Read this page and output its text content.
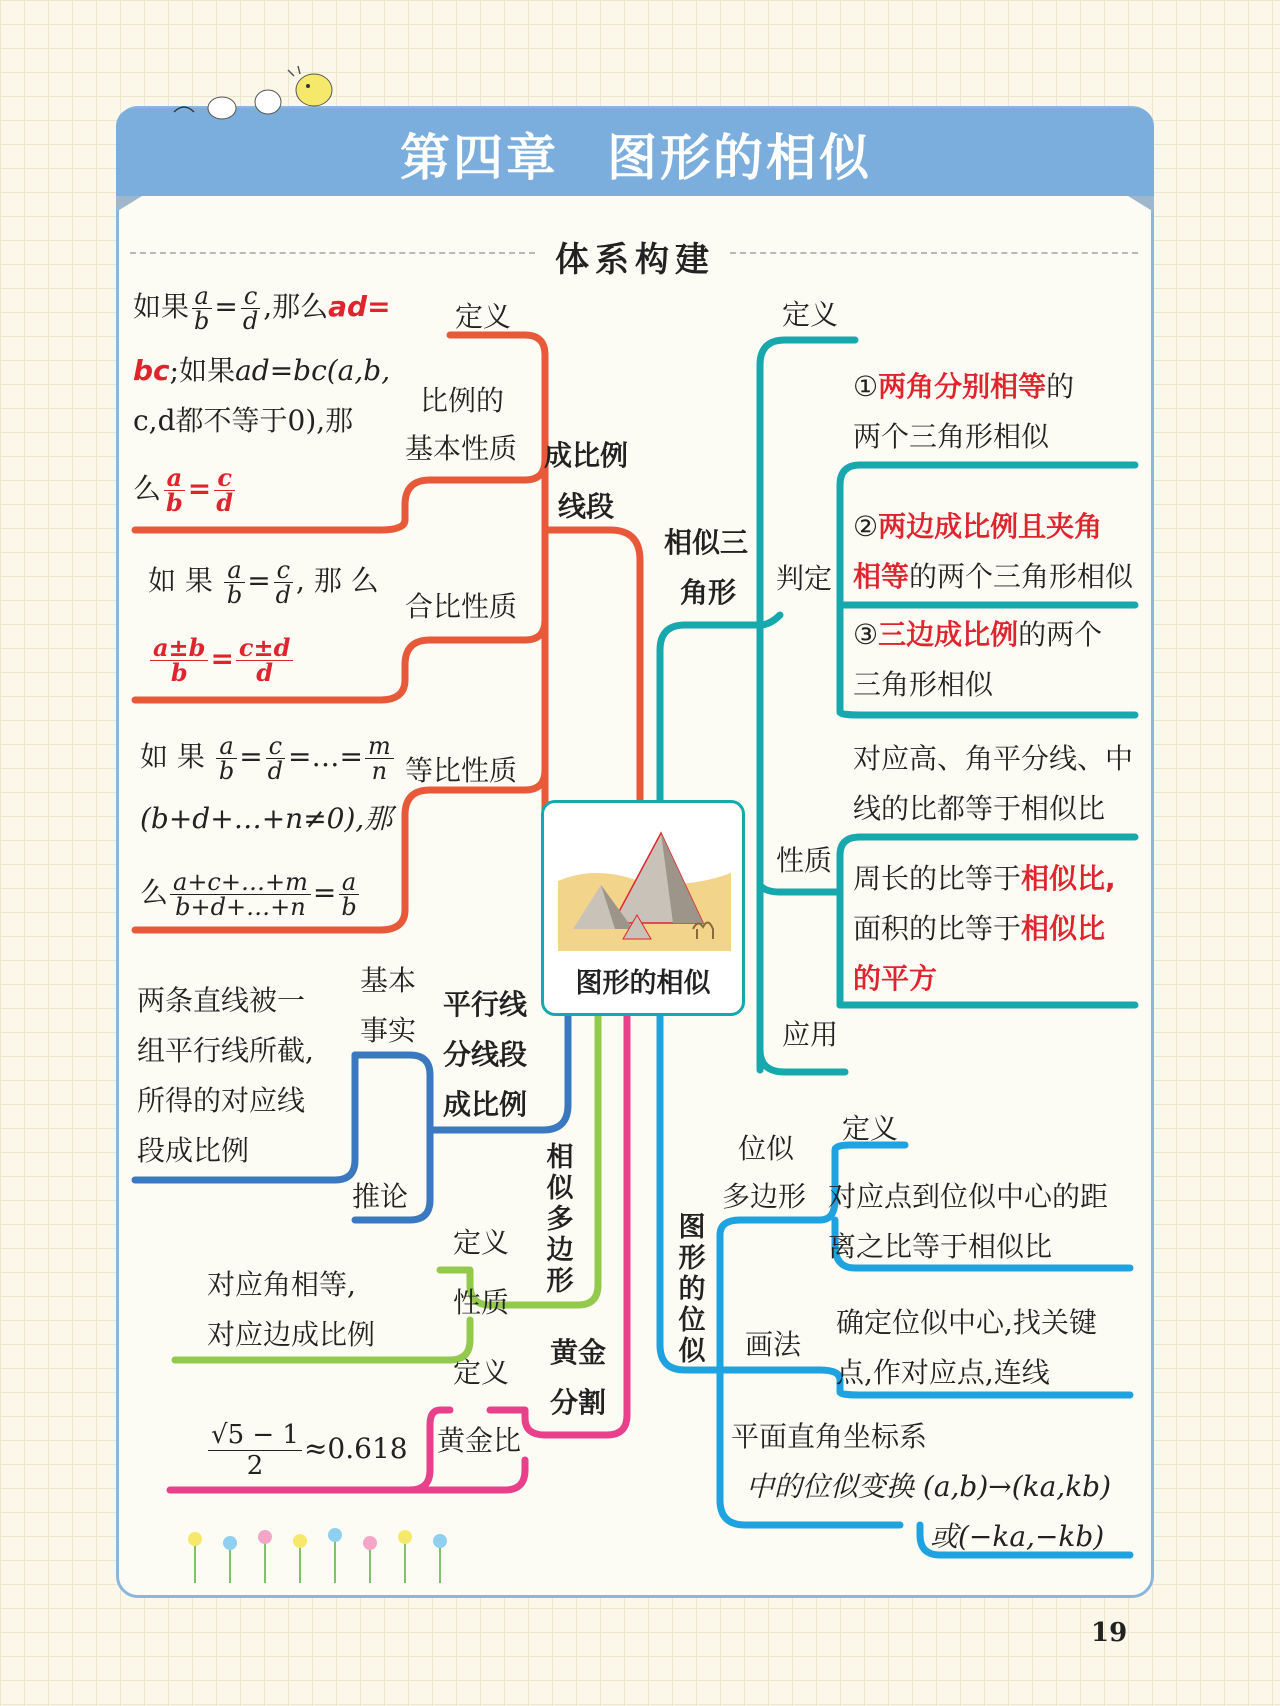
第四章 图形的相似
体系构建
图形的相似
成比例
线段
定义
比例的
基本性质
合比性质
等比性质
如果 $\frac{a}{b} = \frac{c}{d}$ ,那么ad=
bc;如果ad=bc(a,b,
c,d都不等于0),那
么 $\frac{a}{b} = \frac{c}{d}$
如 果 $\frac{a}{b} = \frac{c}{d}$ , 那 么
$\frac{a\pm b}{b} = \frac{c\pm d}{d}$
如 果 $\frac{a}{b} = \frac{c}{d}$ =…= $\frac{m}{n}$
(b+d+…+n≠0),那
么 $\frac{a+c+\dots+m}{b+d+\dots+n} = \frac{a}{b}$
平行线
分线段
成比例
基本
事实
两条直线被一
组平行线所截,
所得的对应线
段成比例
推论
相似多边形
定义
性质
对应角相等,
对应边成比例
黄金
分割
定义
黄金比
$\frac{√5 - 1}{2} \approx 0.618$
相似三
角形
定义
判定
①两角分别相等的
两个三角形相似
②两边成比例且夹角
相等的两个三角形相似
③三边成比例的两个
三角形相似
性质
对应高、角平分线、中
线的比都等于相似比
周长的比等于相似比,
面积的比等于相似比
的平方
应用
图形的位似
位似
多边形
定义
对应点到位似中心的距
离之比等于相似比
画法
确定位似中心,找关键
点,作对应点,连线
平面直角坐标系
中的位似变换 (a,b)→(ka,kb)
或(−ka,−kb)
19
